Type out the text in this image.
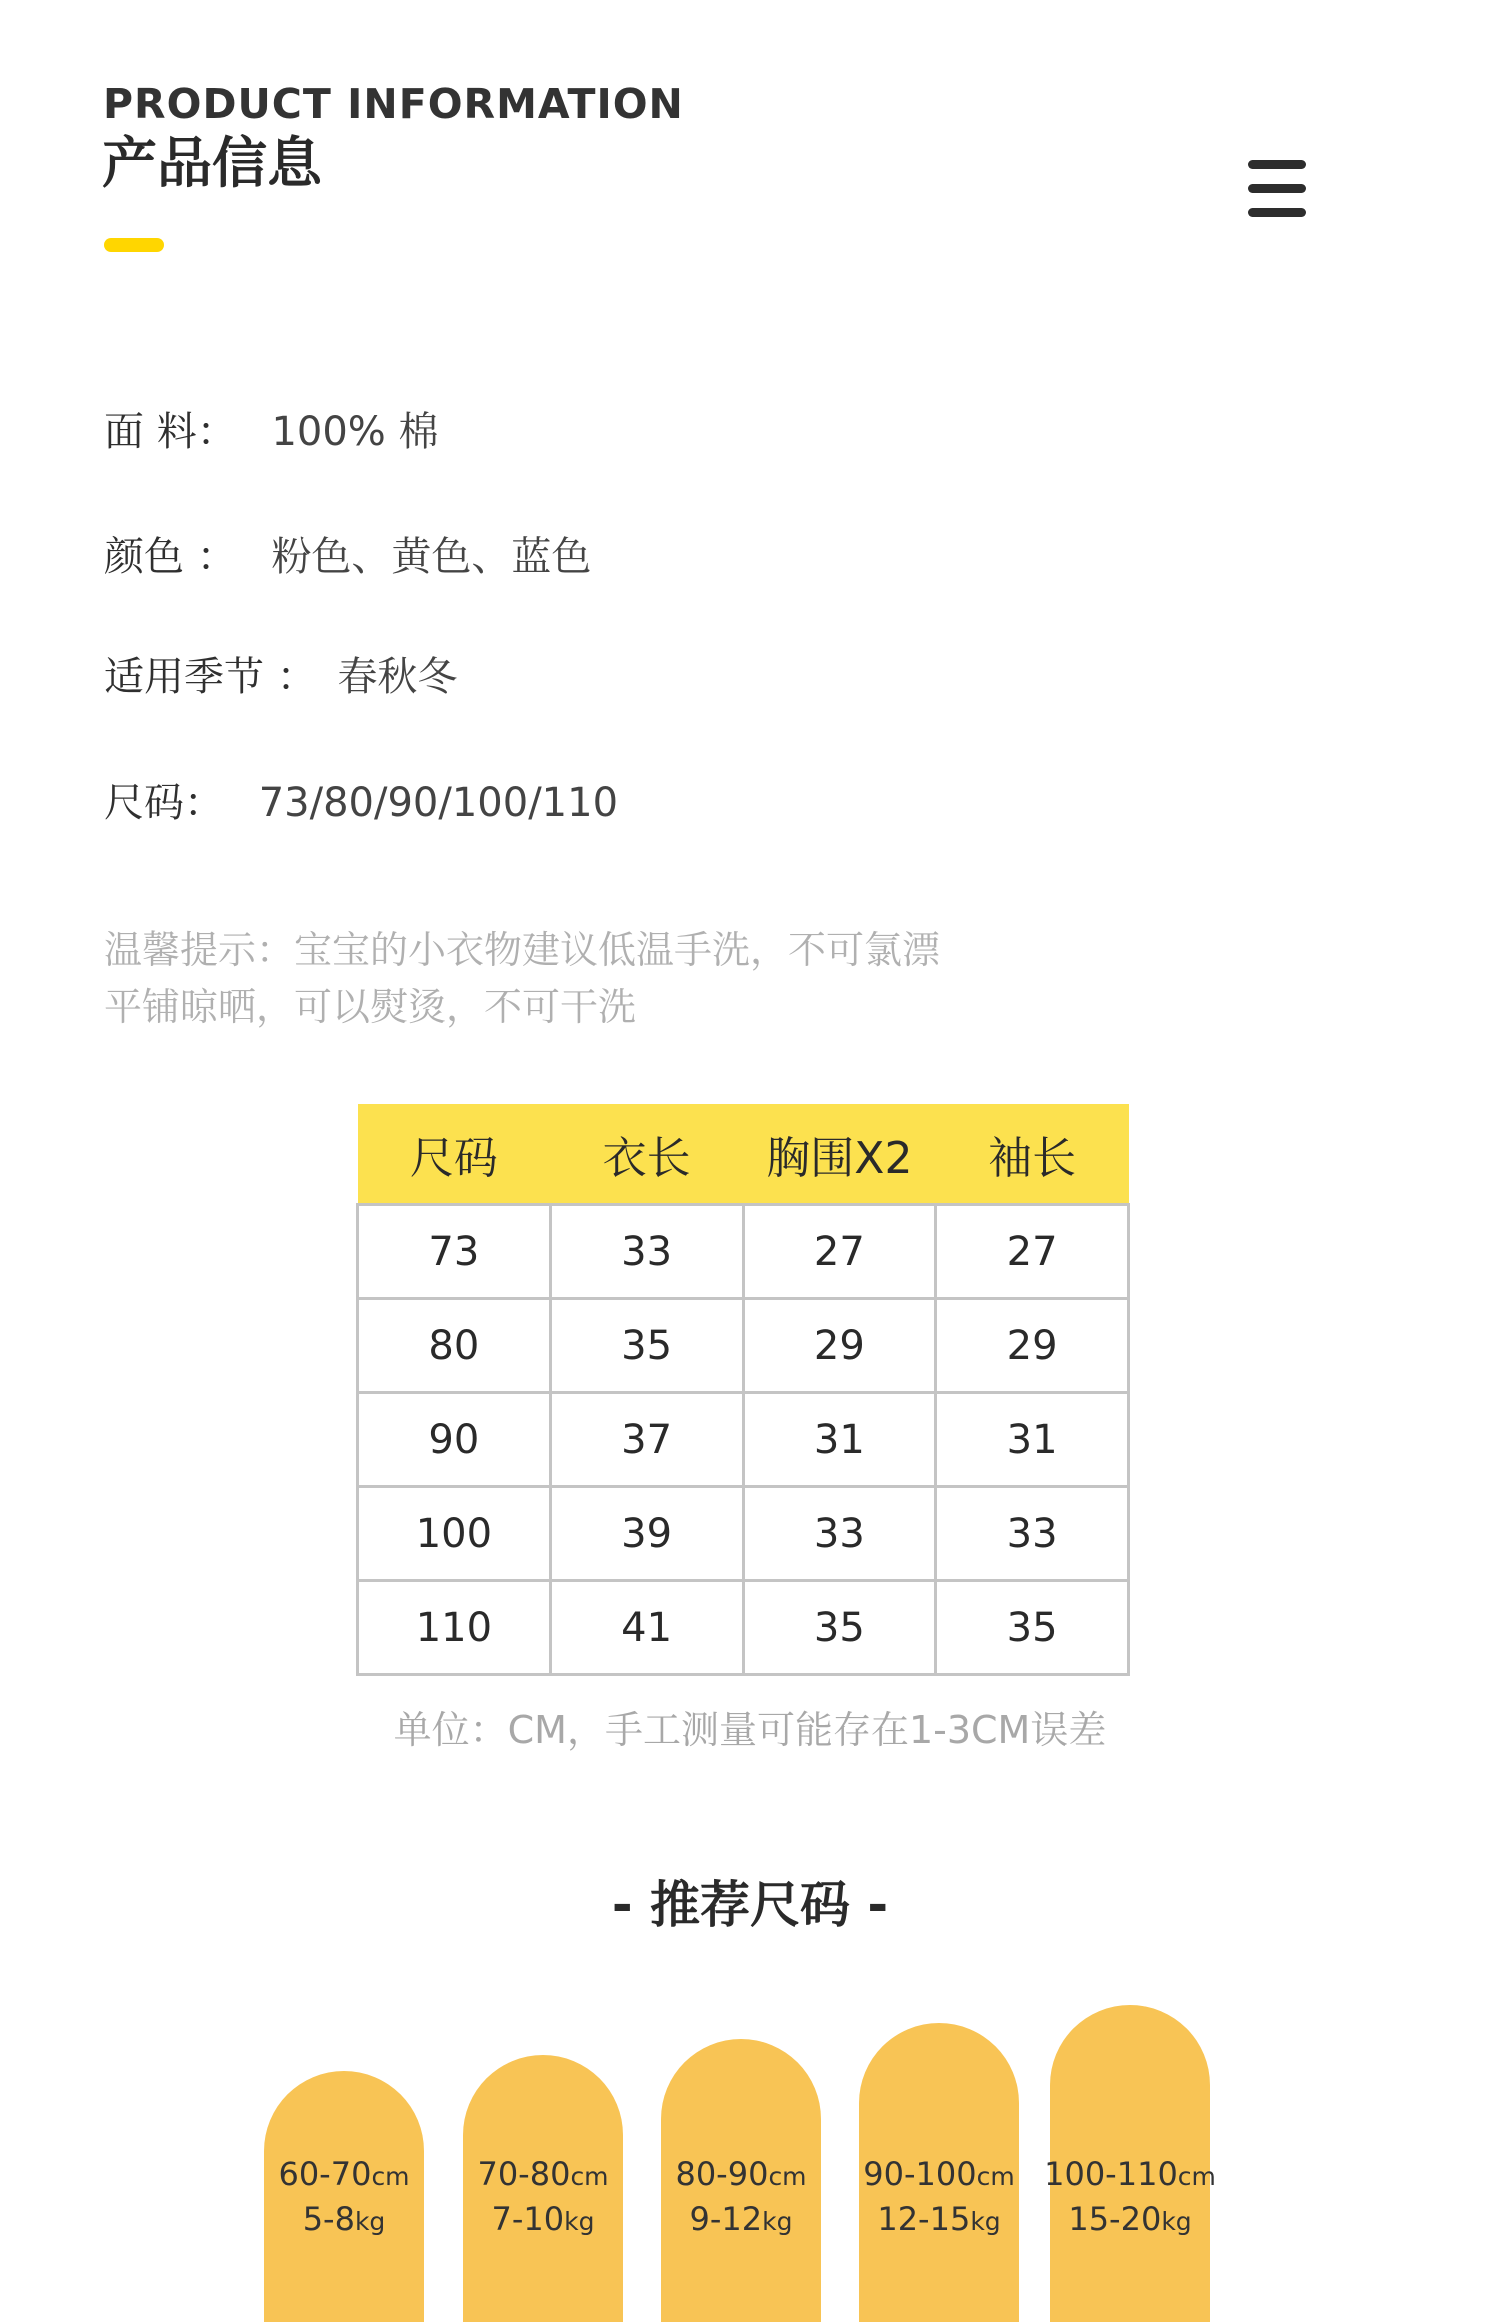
PRODUCT INFORMATION
产品信息
面 料： 100% 棉
颜色 ： 粉色、黄色、蓝色
适用季节 ： 春秋冬
尺码： 73/80/90/100/110
温馨提示：宝宝的小衣物建议低温手洗，不可氯漂
平铺晾晒，可以熨烫，不可干洗
尺码	衣长	胸围X2	袖长
73	33	27	27
80	35	29	29
90	37	31	31
100	39	33	33
110	41	35	35
单位：CM，手工测量可能存在1-3CM误差
- 推荐尺码 -
60-70cm
5-8kg
70-80cm
7-10kg
80-90cm
9-12kg
90-100cm
12-15kg
100-110cm
15-20kg
